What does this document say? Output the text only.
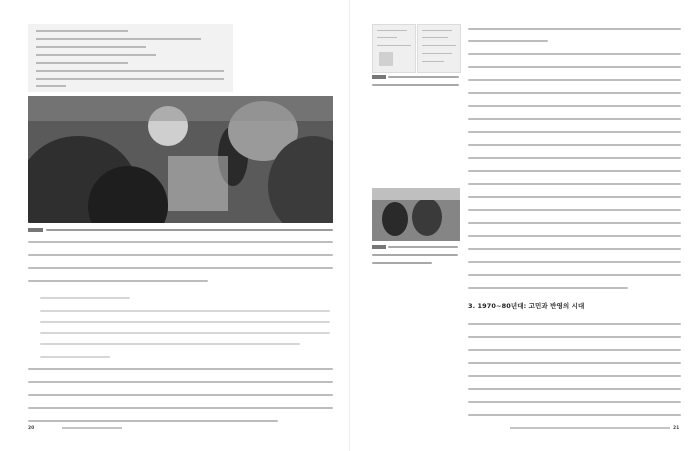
20
3. 1970~80년대: 고민과 반영의 시대
21
